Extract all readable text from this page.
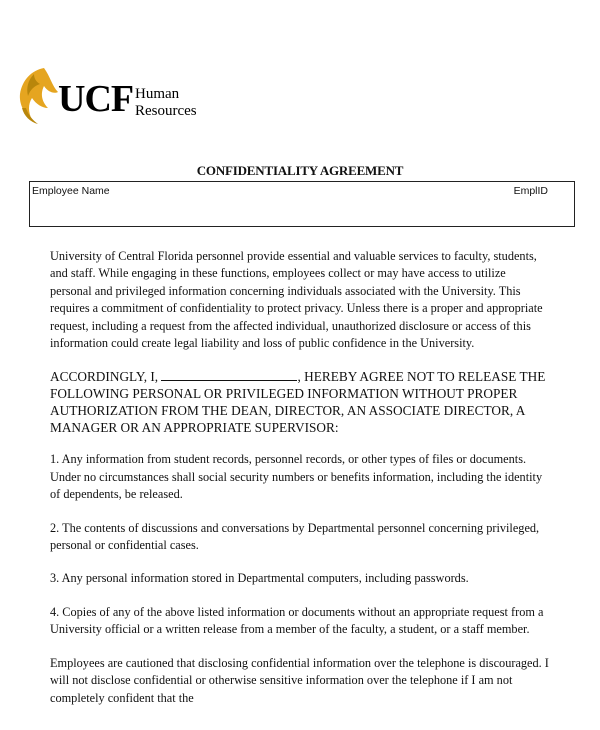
UCF Human
Resources
CONFIDENTIALITY AGREEMENT
Employee Name	EmplID

University of Central Florida personnel provide essential and valuable services to faculty, students, and staff. While engaging in these functions, employees collect or may have access to utilize personal and privileged information concerning individuals associated with the University. This requires a commitment of confidentiality to protect privacy. Unless there is a proper and appropriate request, including a request from the affected individual, unauthorized disclosure or access of this information could create legal liability and loss of public confidence in the University.

ACCORDINGLY, I,	, HEREBY AGREE NOT TO RELEASE THE FOLLOWING PERSONAL OR PRIVILEGED INFORMATION WITHOUT PROPER AUTHORIZATION FROM THE DEAN, DIRECTOR, AN ASSOCIATE DIRECTOR, A MANAGER OR AN APPROPRIATE SUPERVISOR:

1. Any information from student records, personnel records, or other types of files or documents. Under no circumstances shall social security numbers or benefits information, including the identity of dependents, be released.

2. The contents of discussions and conversations by Departmental personnel concerning privileged, personal or confidential cases.

3. Any personal information stored in Departmental computers, including passwords.

4. Copies of any of the above listed information or documents without an appropriate request from a University official or a written release from a member of the faculty, a student, or a staff member.

Employees are cautioned that disclosing confidential information over the telephone is discouraged. I will not disclose confidential or otherwise sensitive information over the telephone if I am not completely confident that the
